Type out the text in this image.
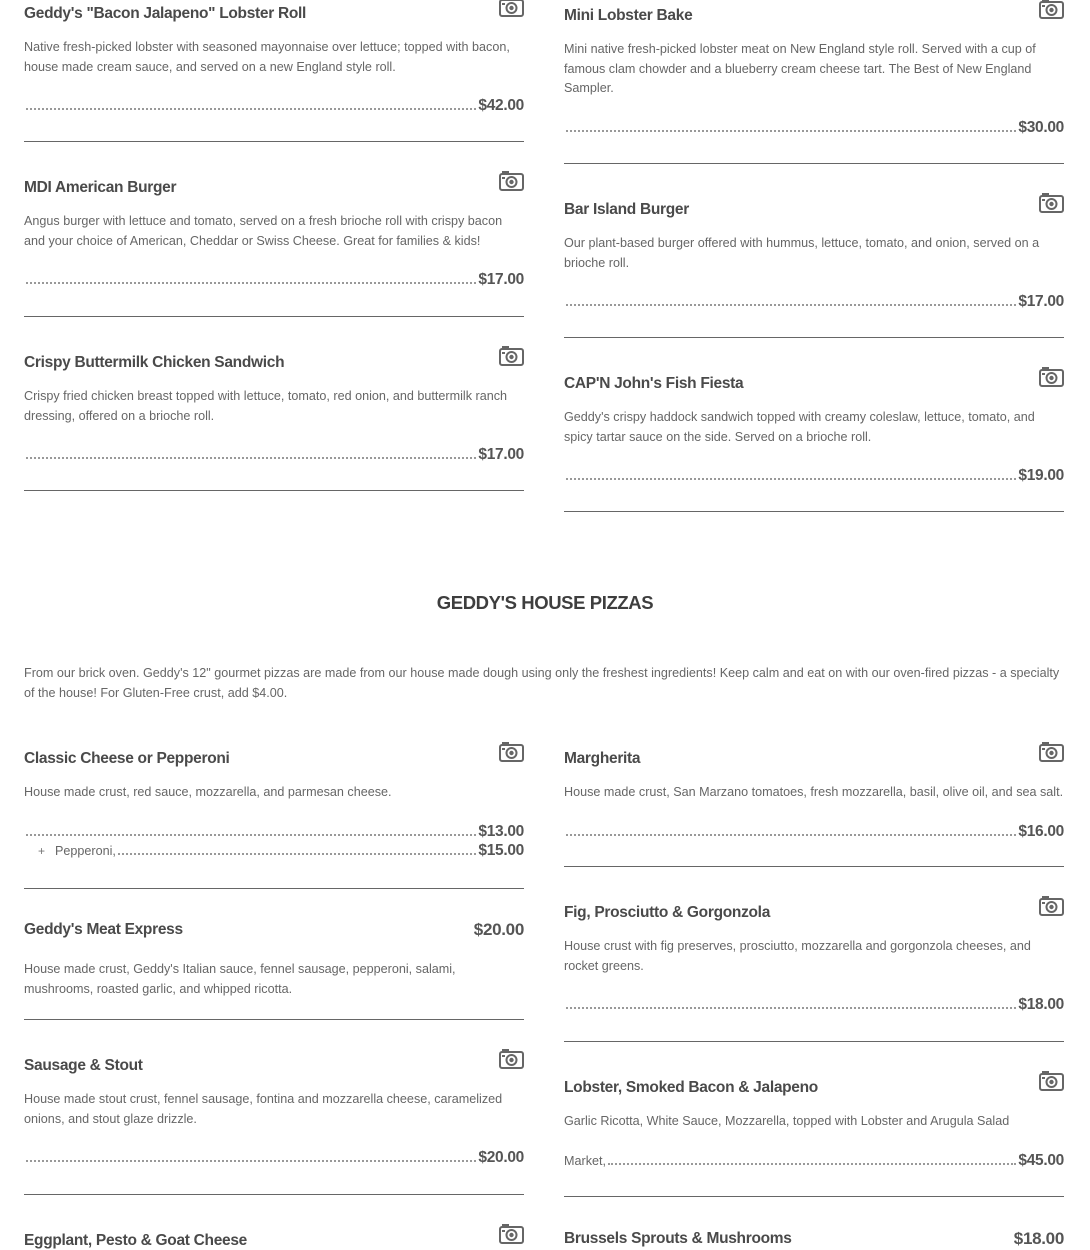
Geddy's "Bacon Jalapeno" Lobster Roll
Native fresh-picked lobster with seasoned mayonnaise over lettuce; topped with bacon, house made cream sauce, and served on a new England style roll.
$42.00
MDI American Burger
Angus burger with lettuce and tomato, served on a fresh brioche roll with crispy bacon and your choice of American, Cheddar or Swiss Cheese. Great for families & kids!
$17.00
Crispy Buttermilk Chicken Sandwich
Crispy fried chicken breast topped with lettuce, tomato, red onion, and buttermilk ranch dressing, offered on a brioche roll.
$17.00
Mini Lobster Bake
Mini native fresh-picked lobster meat on New England style roll. Served with a cup of famous clam chowder and a blueberry cream cheese tart. The Best of New England Sampler.
$30.00
Bar Island Burger
Our plant-based burger offered with hummus, lettuce, tomato, and onion, served on a brioche roll.
$17.00
CAP'N John's Fish Fiesta
Geddy's crispy haddock sandwich topped with creamy coleslaw, lettuce, tomato, and spicy tartar sauce on the side. Served on a brioche roll.
$19.00
GEDDY'S HOUSE PIZZAS
From our brick oven. Geddy's 12" gourmet pizzas are made from our house made dough using only the freshest ingredients! Keep calm and eat on with our oven-fired pizzas - a specialty of the house! For Gluten-Free crust, add $4.00.
Classic Cheese or Pepperoni
House made crust, red sauce, mozzarella, and parmesan cheese.
$13.00
+ Pepperoni,	$15.00
Geddy's Meat Express	$20.00
House made crust, Geddy's Italian sauce, fennel sausage, pepperoni, salami, mushrooms, roasted garlic, and whipped ricotta.
Sausage & Stout
House made stout crust, fennel sausage, fontina and mozzarella cheese, caramelized onions, and stout glaze drizzle.
$20.00
Eggplant, Pesto & Goat Cheese
Margherita
House made crust, San Marzano tomatoes, fresh mozzarella, basil, olive oil, and sea salt.
$16.00
Fig, Prosciutto & Gorgonzola
House crust with fig preserves, prosciutto, mozzarella and gorgonzola cheeses, and rocket greens.
$18.00
Lobster, Smoked Bacon & Jalapeno
Garlic Ricotta, White Sauce, Mozzarella, topped with Lobster and Arugula Salad
Market,	$45.00
Brussels Sprouts & Mushrooms	$18.00
